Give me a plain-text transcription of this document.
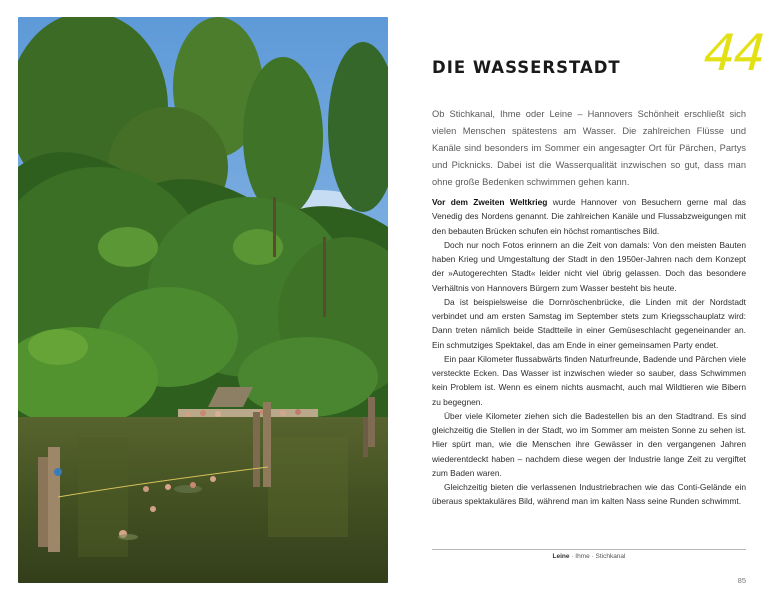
44
DIE WASSERSTADT

Ob Stichkanal, Ihme oder Leine – Hannovers Schönheit erschließt sich vielen Menschen spätestens am Wasser. Die zahlreichen Flüsse und Kanäle sind besonders im Sommer ein angesagter Ort für Pärchen, Partys und Picknicks. Dabei ist die Wasserqualität inzwischen so gut, dass man ohne große Bedenken schwimmen gehen kann.

Vor dem Zweiten Weltkrieg wurde Hannover von Besuchern gerne mal das Venedig des Nordens genannt. Die zahlreichen Kanäle und Flussabzweigungen mit den bebauten Brücken schufen ein höchst romantisches Bild.

Doch nur noch Fotos erinnern an die Zeit von damals: Von den meisten Bauten haben Krieg und Umgestaltung der Stadt in den 1950er-Jahren nach dem Konzept der »Autogerechten Stadt« leider nicht viel übrig gelassen. Doch das besondere Verhältnis von Hannovers Bürgern zum Wasser besteht bis heute.

Da ist beispielsweise die Dornröschenbrücke, die Linden mit der Nordstadt verbindet und am ersten Samstag im September stets zum Kriegsschauplatz wird: Dann treten nämlich beide Stadtteile in einer Gemüseschlacht gegeneinander an. Ein schmutziges Spektakel, das am Ende in einer gemeinsamen Party endet.

Ein paar Kilometer flussabwärts finden Naturfreunde, Badende und Pärchen viele versteckte Ecken. Das Wasser ist inzwischen wieder so sauber, dass Schwimmen kein Problem ist. Wenn es einem nichts ausmacht, auch mal Wildtieren wie Bibern zu begegnen.

Über viele Kilometer ziehen sich die Badestellen bis an den Stadtrand. Es sind gleichzeitig die Stellen in der Stadt, wo im Sommer am meisten Sonne zu sehen ist. Hier spürt man, wie die Menschen ihre Gewässer in den vergangenen Jahren wiederentdeckt haben – nachdem diese wegen der Industrie lange Zeit zu vergiftet zum Baden waren.

Gleichzeitig bieten die verlassenen Industriebrachen wie das Conti-Gelände ein überaus spektakuläres Bild, während man im kalten Nass seine Runden schwimmt.

Leine · Ihme · Stichkanal
85
